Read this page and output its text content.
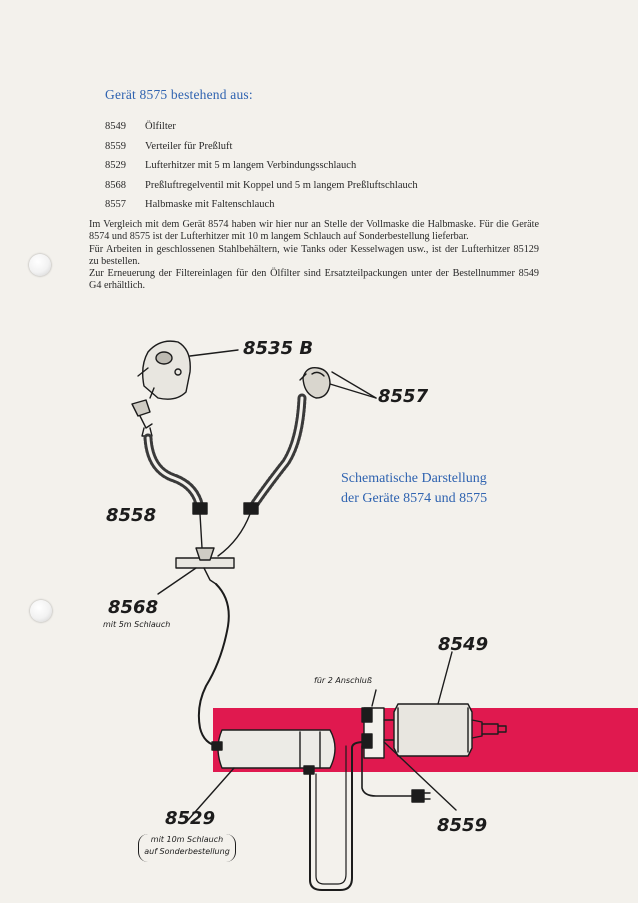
Gerät 8575 bestehend aus:
8549	Ölfilter
8559	Verteiler für Preßluft
8529	Lufterhitzer mit 5 m langem Verbindungsschlauch
8568	Preßluftregelventil mit Koppel und 5 m langem Preßluftschlauch
8557	Halbmaske mit Faltenschlauch

Im Vergleich mit dem Gerät 8574 haben wir hier nur an Stelle der Vollmaske die Halbmaske. Für die Geräte 8574 und 8575 ist der Lufterhitzer mit 10 m langem Schlauch auf Sonderbestellung lieferbar.

Für Arbeiten in geschlossenen Stahlbehältern, wie Tanks oder Kesselwagen usw., ist der Lufterhitzer 85129 zu bestellen.

Zur Erneuerung der Filtereinlagen für den Ölfilter sind Ersatzteilpackungen unter der Bestellnummer 8549 G4 erhältlich.

Schematische Darstellung
der Geräte 8574 und 8575
8535 B
8557
8558
8568
mit 5m Schlauch
8549
für 2 Anschluß
8529	8559
mit 10m Schlauch
auf Sonderbestellung
